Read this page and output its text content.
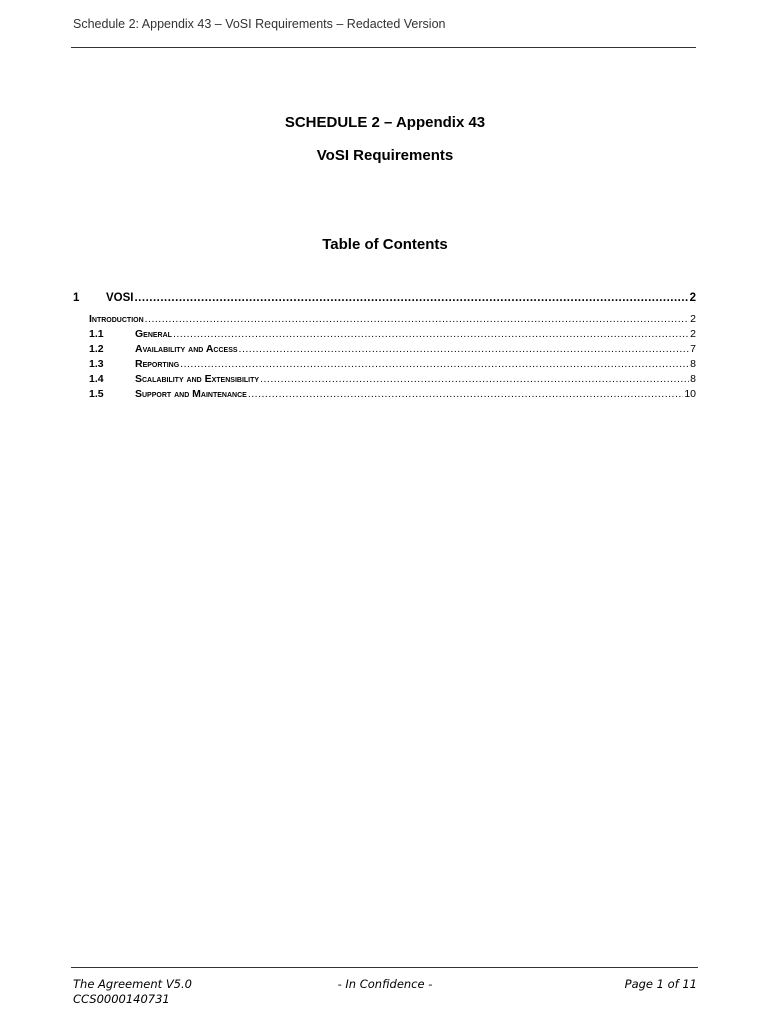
Schedule 2: Appendix 43 – VoSI Requirements – Redacted Version
SCHEDULE 2 – Appendix 43
VoSI Requirements
Table of Contents
1	VOSI .....	2
Introduction .....	2
1.1	General .....	2
1.2	Availability and Access .....	7
1.3	Reporting .....	8
1.4	Scalability and Extensibility .....	8
1.5	Support and Maintenance .....	10
The Agreement V5.0
CCS0000140731
- In Confidence -	Page 1 of 11
